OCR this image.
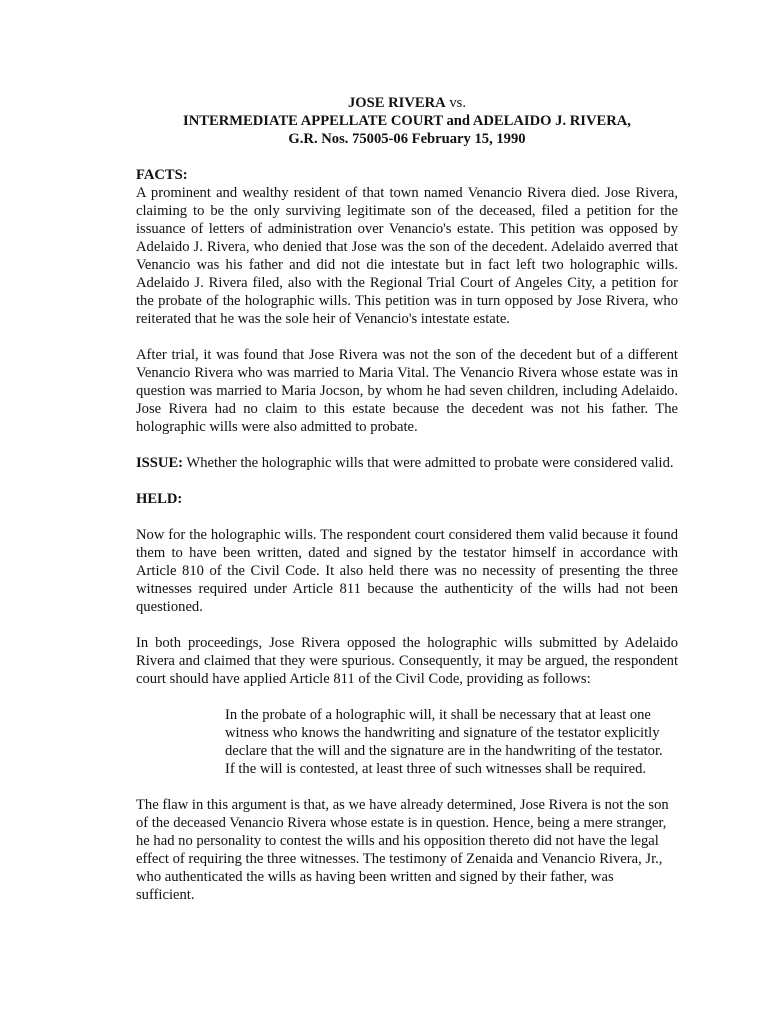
JOSE RIVERA vs.
INTERMEDIATE APPELLATE COURT and ADELAIDO J. RIVERA,
G.R. Nos. 75005-06 February 15, 1990
FACTS:

A prominent and wealthy resident of that town named Venancio Rivera died. Jose Rivera, claiming to be the only surviving legitimate son of the deceased, filed a petition for the issuance of letters of administration over Venancio's estate. This petition was opposed by Adelaido J. Rivera, who denied that Jose was the son of the decedent. Adelaido averred that Venancio was his father and did not die intestate but in fact left two holographic wills. Adelaido J. Rivera filed, also with the Regional Trial Court of Angeles City, a petition for the probate of the holographic wills. This petition was in turn opposed by Jose Rivera, who reiterated that he was the sole heir of Venancio's intestate estate.

After trial, it was found that Jose Rivera was not the son of the decedent but of a different Venancio Rivera who was married to Maria Vital. The Venancio Rivera whose estate was in question was married to Maria Jocson, by whom he had seven children, including Adelaido. Jose Rivera had no claim to this estate because the decedent was not his father. The holographic wills were also admitted to probate.

ISSUE: Whether the holographic wills that were admitted to probate were considered valid.

HELD:

Now for the holographic wills. The respondent court considered them valid because it found them to have been written, dated and signed by the testator himself in accordance with Article 810 of the Civil Code. It also held there was no necessity of presenting the three witnesses required under Article 811 because the authenticity of the wills had not been questioned.

In both proceedings, Jose Rivera opposed the holographic wills submitted by Adelaido Rivera and claimed that they were spurious. Consequently, it may be argued, the respondent court should have applied Article 811 of the Civil Code, providing as follows:

In the probate of a holographic will, it shall be necessary that at least one
witness who knows the handwriting and signature of the testator explicitly
declare that the will and the signature are in the handwriting of the testator.
If the will is contested, at least three of such witnesses shall be required.
The flaw in this argument is that, as we have already determined, Jose Rivera is not the son
of the deceased Venancio Rivera whose estate is in question. Hence, being a mere stranger,
he had no personality to contest the wills and his opposition thereto did not have the legal
effect of requiring the three witnesses. The testimony of Zenaida and Venancio Rivera, Jr.,
who authenticated the wills as having been written and signed by their father, was
sufficient.
